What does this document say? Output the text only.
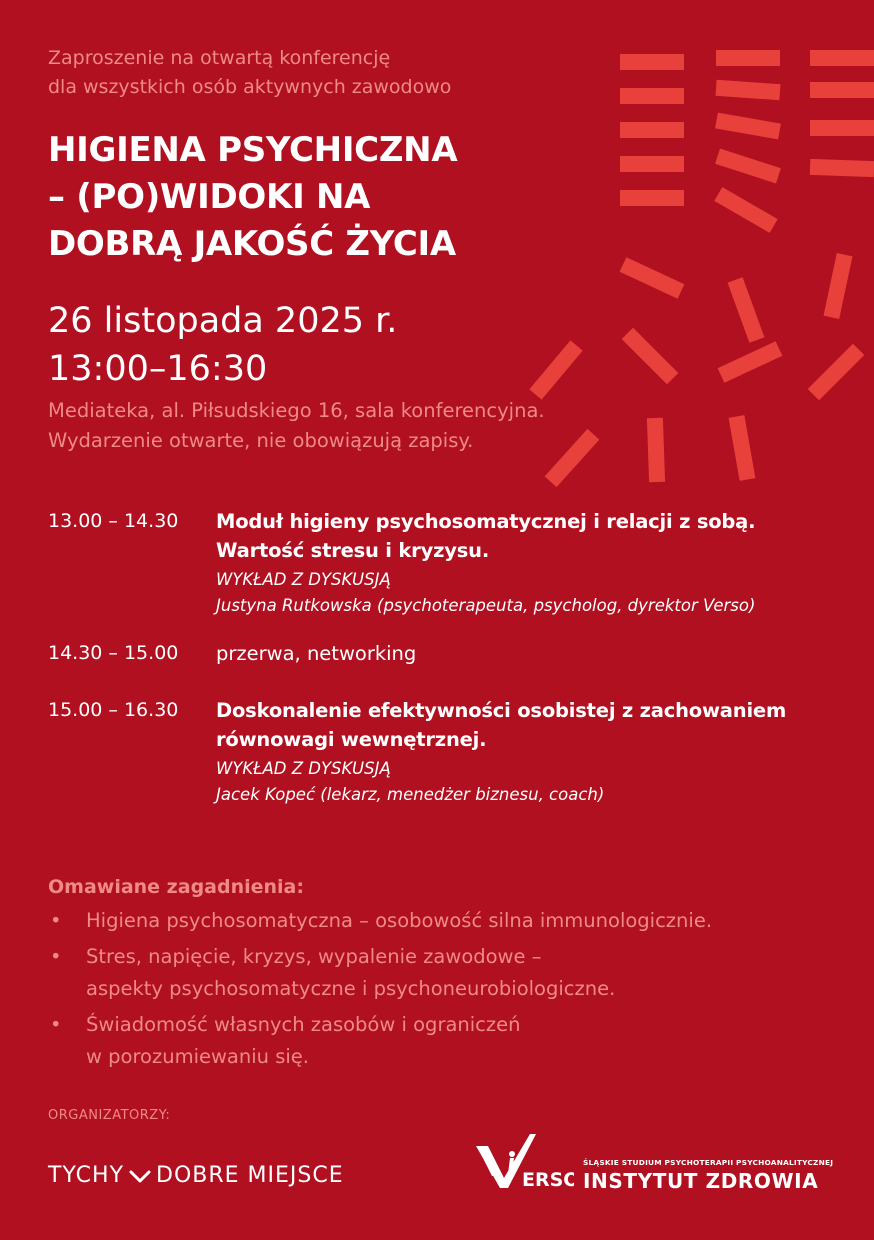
Zaproszenie na otwartą konferencję
dla wszystkich osób aktywnych zawodowo
HIGIENA PSYCHICZNA
– (PO)WIDOKI NA
DOBRĄ JAKOŚĆ ŻYCIA
26 listopada 2025 r.
13:00–16:30
Mediateka, al. Piłsudskiego 16, sala konferencyjna.
Wydarzenie otwarte, nie obowiązują zapisy.
13.00 – 14.30 Moduł higieny psychosomatycznej i relacji z sobą.
Wartość stresu i kryzysu.
WYKŁAD Z DYSKUSJĄ
Justyna Rutkowska (psychoterapeuta, psycholog, dyrektor Verso)
14.30 – 15.00 przerwa, networking
15.00 – 16.30 Doskonalenie efektywności osobistej z zachowaniem
równowagi wewnętrznej.
WYKŁAD Z DYSKUSJĄ
Jacek Kopeć (lekarz, menedżer biznesu, coach)
Omawiane zagadnienia:
• Higiena psychosomatyczna – osobowość silna immunologicznie.
• Stres, napięcie, kryzys, wypalenie zawodowe –
aspekty psychosomatyczne i psychoneurobiologiczne.
• Świadomość własnych zasobów i ograniczeń
w porozumiewaniu się.
ORGANIZATORZY:
TYCHY DOBRE MIEJSCE	ERSO
ŚLĄSKIE STUDIUM PSYCHOTERAPII PSYCHOANALITYCZNEJ
INSTYTUT ZDROWIA
